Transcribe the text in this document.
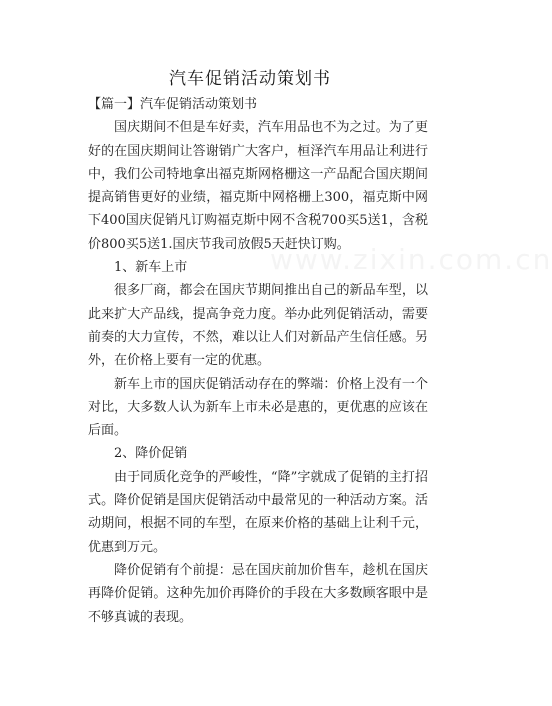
汽车促销活动策划书
www.zixin.com.cn

【篇一】汽车促销活动策划书

国庆期间不但是车好卖，汽车用品也不为之过。为了更好的在国庆期间让答谢销广大客户，桓泽汽车用品让利进行中，我们公司特地拿出福克斯网格栅这一产品配合国庆期间提高销售更好的业绩，福克斯中网格栅上300，福克斯中网下400国庆促销凡订购福克斯中网不含税700买5送1，含税价800买5送1.国庆节我司放假5天赶快订购。

1、新车上市

很多厂商，都会在国庆节期间推出自己的新品车型，以此来扩大产品线，提高争竞力度。举办此列促销活动，需要前奏的大力宣传，不然，难以让人们对新品产生信任感。另外，在价格上要有一定的优惠。

新车上市的国庆促销活动存在的弊端：价格上没有一个对比，大多数人认为新车上市未必是惠的，更优惠的应该在后面。

2、降价促销

由于同质化竞争的严峻性，“降”字就成了促销的主打招式。降价促销是国庆促销活动中最常见的一种活动方案。活动期间，根据不同的车型，在原来价格的基础上让利千元，优惠到万元。

降价促销有个前提：忌在国庆前加价售车，趁机在国庆再降价促销。这种先加价再降价的手段在大多数顾客眼中是不够真诚的表现。
